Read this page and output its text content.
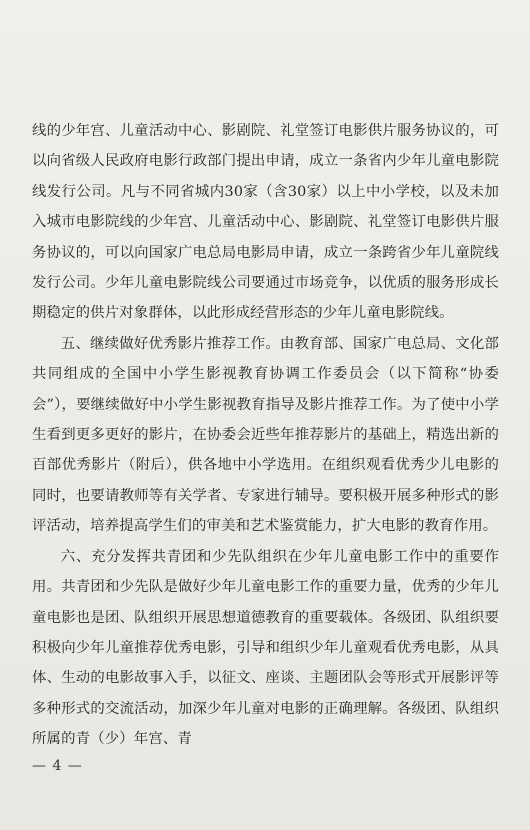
线的少年宫、儿童活动中心、影剧院、礼堂签订电影供片服务协议的，可以向省级人民政府电影行政部门提出申请，成立一条省内少年儿童电影院线发行公司。凡与不同省城内30家（含30家）以上中小学校，以及未加入城市电影院线的少年宫、儿童活动中心、影剧院、礼堂签订电影供片服务协议的，可以向国家广电总局电影局申请，成立一条跨省少年儿童院线发行公司。少年儿童电影院线公司要通过市场竞争，以优质的服务形成长期稳定的供片对象群体，以此形成经营形态的少年儿童电影院线。

五、继续做好优秀影片推荐工作。由教育部、国家广电总局、文化部共同组成的全国中小学生影视教育协调工作委员会（以下简称“协委会”），要继续做好中小学生影视教育指导及影片推荐工作。为了使中小学生看到更多更好的影片，在协委会近些年推荐影片的基础上，精选出新的百部优秀影片（附后），供各地中小学选用。在组织观看优秀少儿电影的同时，也要请教师等有关学者、专家进行辅导。要积极开展多种形式的影评活动，培养提高学生们的审美和艺术鉴赏能力，扩大电影的教育作用。

六、充分发挥共青团和少先队组织在少年儿童电影工作中的重要作用。共青团和少先队是做好少年儿童电影工作的重要力量，优秀的少年儿童电影也是团、队组织开展思想道德教育的重要载体。各级团、队组织要积极向少年儿童推荐优秀电影，引导和组织少年儿童观看优秀电影，从具体、生动的电影故事入手，以征文、座谈、主题团队会等形式开展影评等多种形式的交流活动，加深少年儿童对电影的正确理解。各级团、队组织所属的青（少）年宫、青

— 4 —
